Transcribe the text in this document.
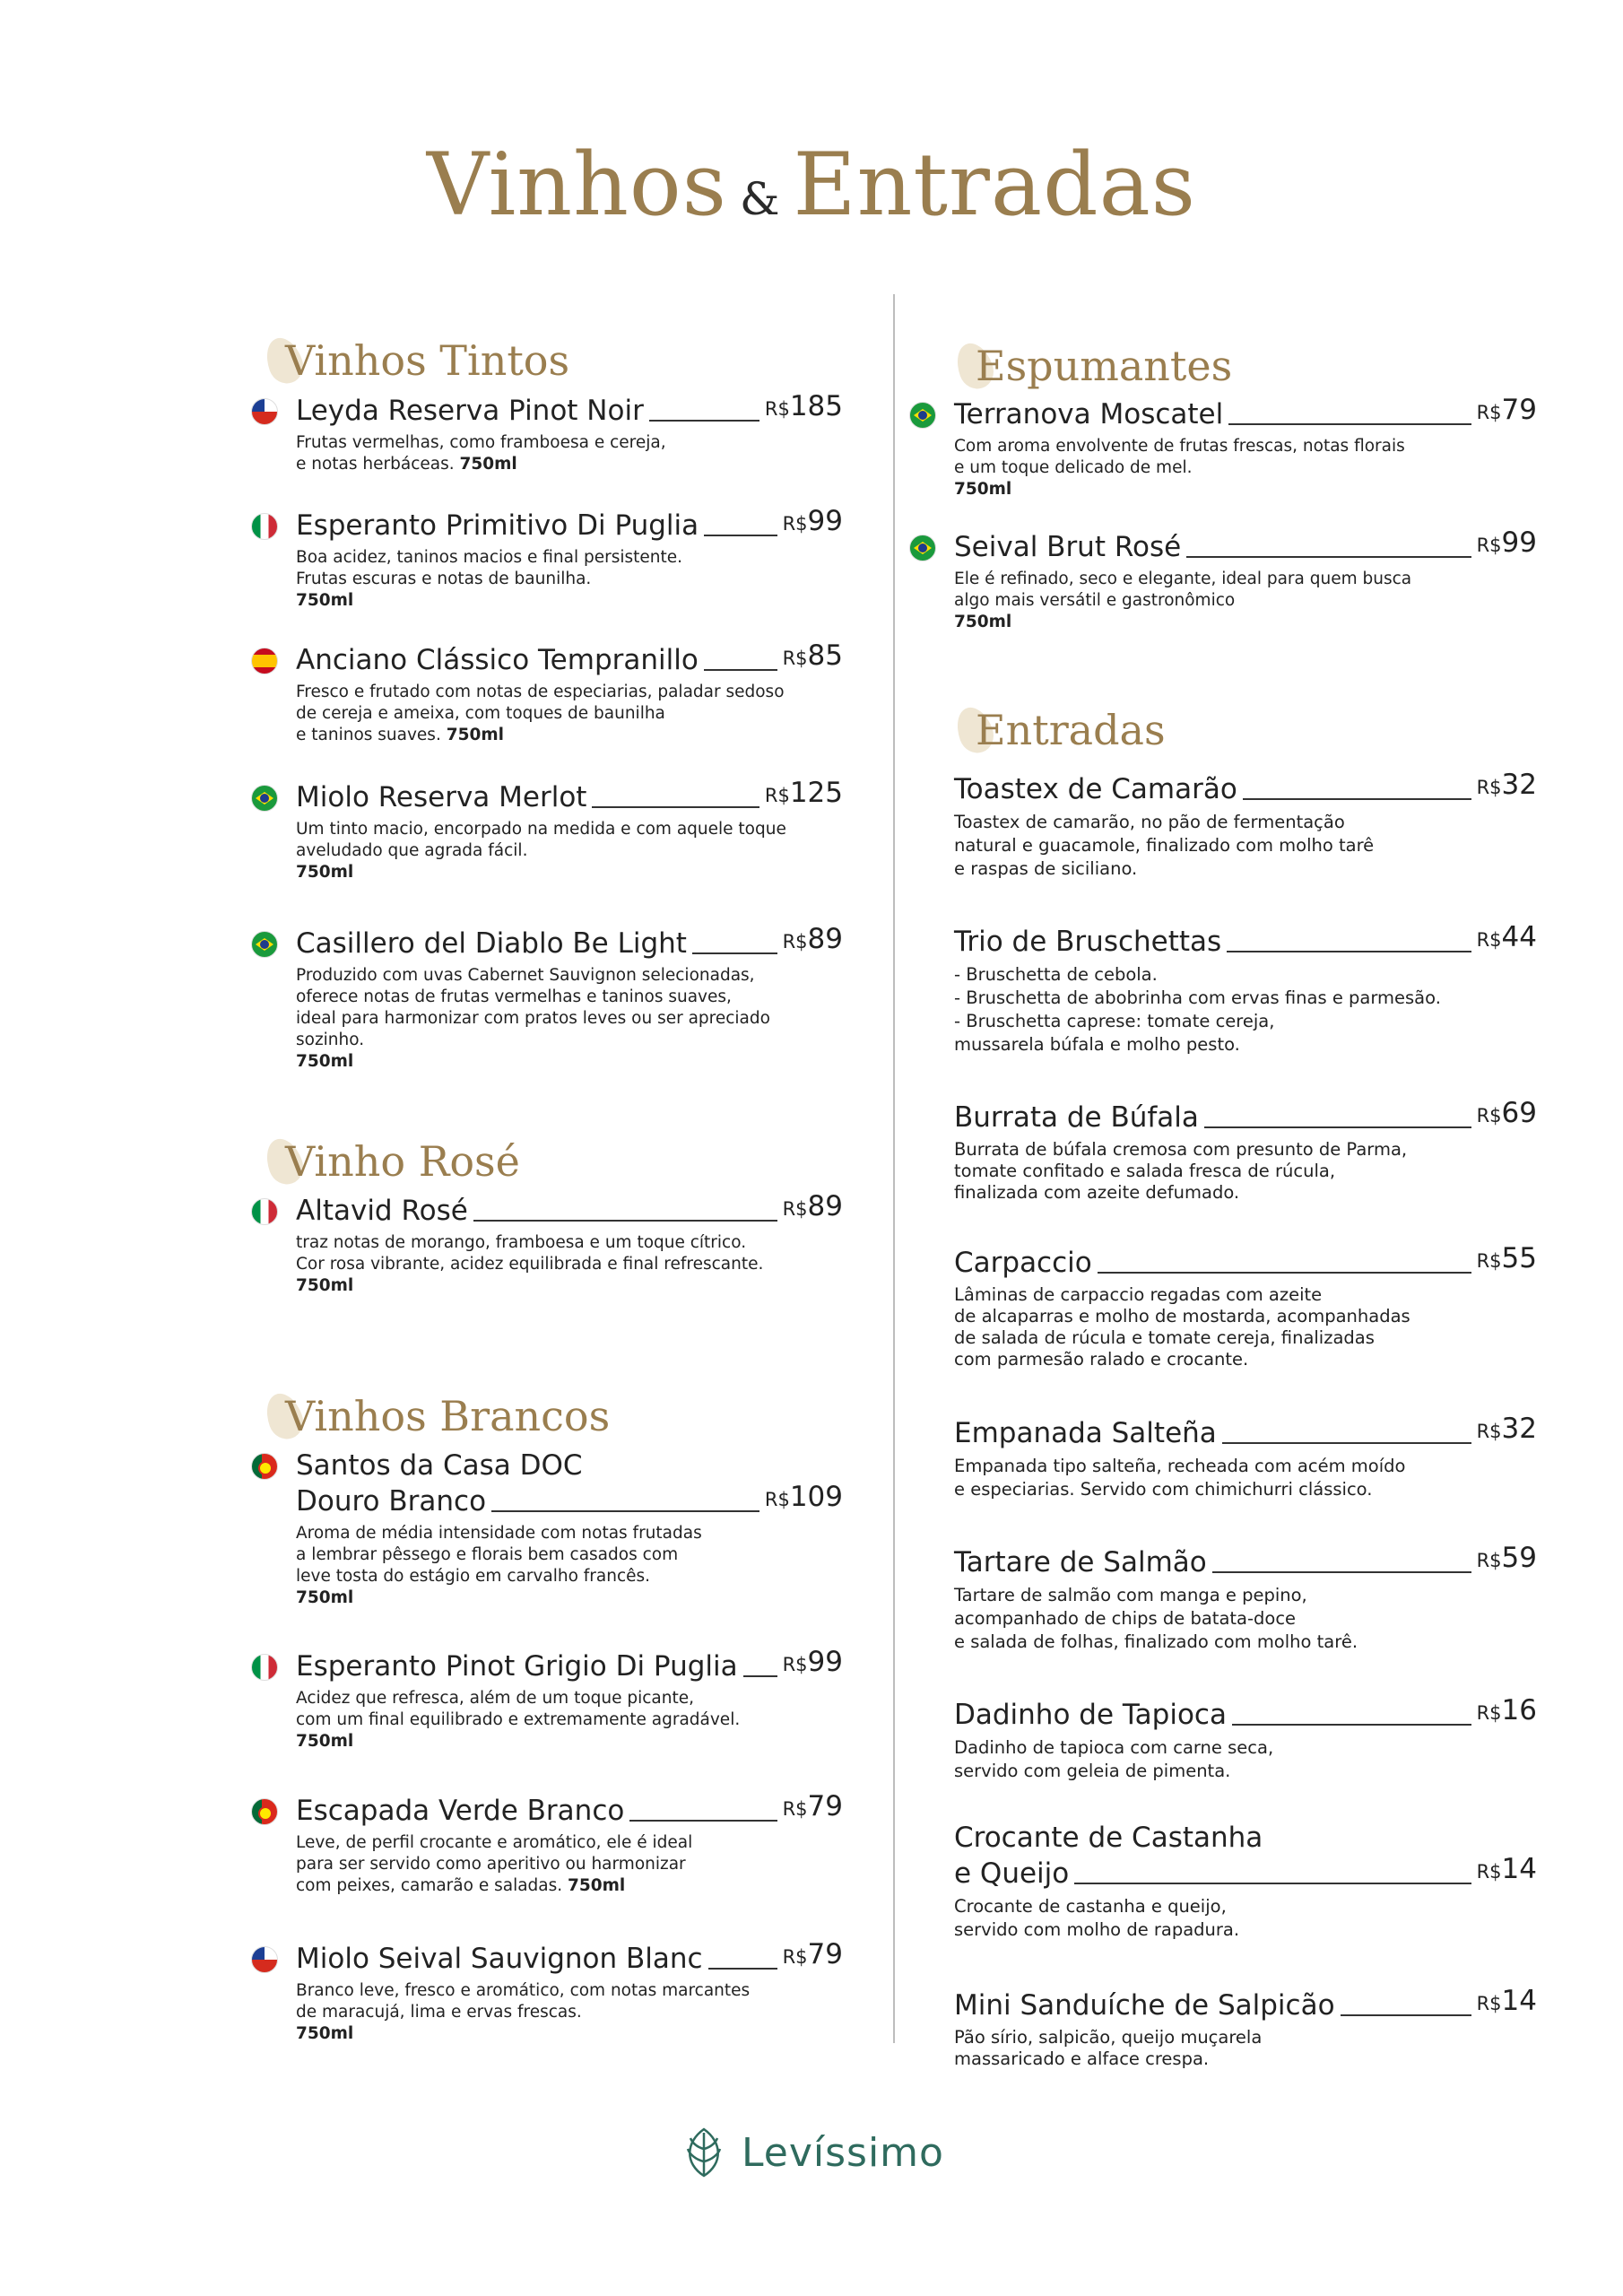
Vinhos & Entradas
Vinhos Tintos
Leyda Reserva Pinot Noir	R$185
Frutas vermelhas, como framboesa e cereja,
e notas herbáceas. 750ml
Esperanto Primitivo Di Puglia	R$99
Boa acidez, taninos macios e final persistente.
Frutas escuras e notas de baunilha.
750ml
Anciano Clássico Tempranillo	R$85
Fresco e frutado com notas de especiarias, paladar sedoso
de cereja e ameixa, com toques de baunilha
e taninos suaves. 750ml
Miolo Reserva Merlot	R$125
Um tinto macio, encorpado na medida e com aquele toque
aveludado que agrada fácil.
750ml
Casillero del Diablo Be Light	R$89
Produzido com uvas Cabernet Sauvignon selecionadas,
oferece notas de frutas vermelhas e taninos suaves,
ideal para harmonizar com pratos leves ou ser apreciado sozinho.
750ml
Vinho Rosé
Altavid Rosé	R$89
traz notas de morango, framboesa e um toque cítrico.
Cor rosa vibrante, acidez equilibrada e final refrescante.
750ml
Vinhos Brancos
Santos da Casa DOC
Douro Branco	R$109
Aroma de média intensidade com notas frutadas
a lembrar pêssego e florais bem casados com
leve tosta do estágio em carvalho francês.
750ml
Esperanto Pinot Grigio Di Puglia R$99
Acidez que refresca, além de um toque picante,
com um final equilibrado e extremamente agradável.
750ml
Escapada Verde Branco	R$79
Leve, de perfil crocante e aromático, ele é ideal
para ser servido como aperitivo ou harmonizar
com peixes, camarão e saladas. 750ml
Miolo Seival Sauvignon Blanc	R$79
Branco leve, fresco e aromático, com notas marcantes
de maracujá, lima e ervas frescas.
750ml
Espumantes
Terranova Moscatel	R$79
Com aroma envolvente de frutas frescas, notas florais
e um toque delicado de mel.
750ml
Seival Brut Rosé	R$99
Ele é refinado, seco e elegante, ideal para quem busca
algo mais versátil e gastronômico
750ml
Entradas
Toastex de Camarão	R$32
Toastex de camarão, no pão de fermentação
natural e guacamole, finalizado com molho tarê
e raspas de siciliano.
Trio de Bruschettas	R$44
- Bruschetta de cebola.
- Bruschetta de abobrinha com ervas finas e parmesão.
- Bruschetta caprese: tomate cereja,
mussarela búfala e molho pesto.
Burrata de Búfala	R$69
Burrata de búfala cremosa com presunto de Parma,
tomate confitado e salada fresca de rúcula,
finalizada com azeite defumado.
Carpaccio	R$55
Lâminas de carpaccio regadas com azeite
de alcaparras e molho de mostarda, acompanhadas
de salada de rúcula e tomate cereja, finalizadas
com parmesão ralado e crocante.
Empanada Salteña	R$32
Empanada tipo salteña, recheada com acém moído
e especiarias. Servido com chimichurri clássico.
Tartare de Salmão	R$59
Tartare de salmão com manga e pepino,
acompanhado de chips de batata-doce
e salada de folhas, finalizado com molho tarê.
Dadinho de Tapioca	R$16
Dadinho de tapioca com carne seca,
servido com geleia de pimenta.
Crocante de Castanha
e Queijo	R$14
Crocante de castanha e queijo,
servido com molho de rapadura.
Mini Sanduíche de Salpicão	R$14
Pão sírio, salpicão, queijo muçarela
massaricado e alface crespa.
Levíssimo
